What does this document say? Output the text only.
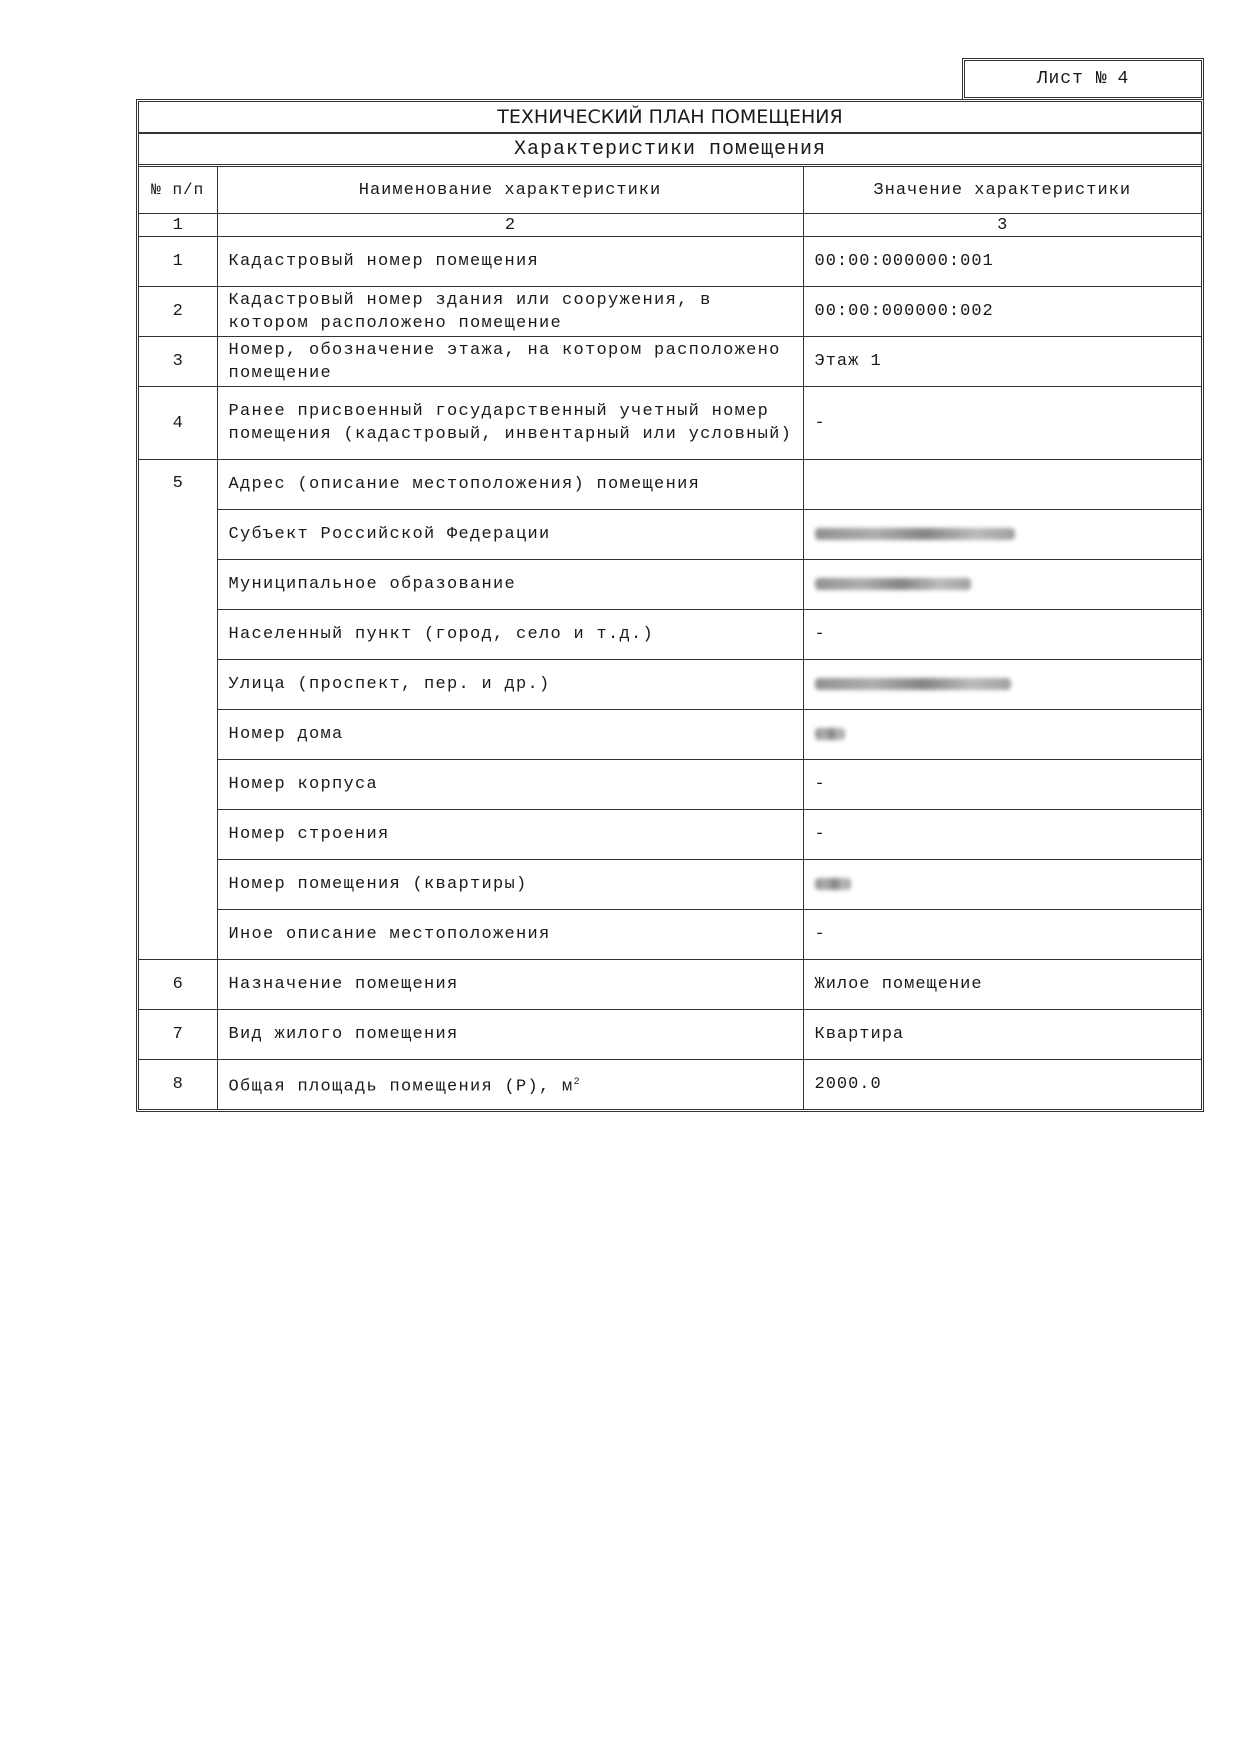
Лист № 4
ТЕХНИЧЕСКИЙ ПЛАН ПОМЕЩЕНИЯ
Характеристики помещения
№ п/п	Наименование характеристики	Значение характеристики
1	2	3
1	Кадастровый номер помещения	00:00:000000:001
2	Кадастровый номер здания или сооружения, в котором расположено помещение	00:00:000000:002
3	Номер, обозначение этажа, на котором расположено помещение	Этаж 1
4	Ранее присвоенный государственный учетный номер помещения (кадастровый, инвентарный или условный)	-
5	Адрес (описание местоположения) помещения	
	Субъект Российской Федерации	
	Муниципальное образование	
	Населенный пункт (город, село и т.д.)	-
	Улица (проспект, пер. и др.)	
	Номер дома	
	Номер корпуса	-
	Номер строения	-
	Номер помещения (квартиры)	
	Иное описание местоположения	-
6	Назначение помещения	Жилое помещение
7	Вид жилого помещения	Квартира
8	Общая площадь помещения (Р), $м^2$	2000.0
